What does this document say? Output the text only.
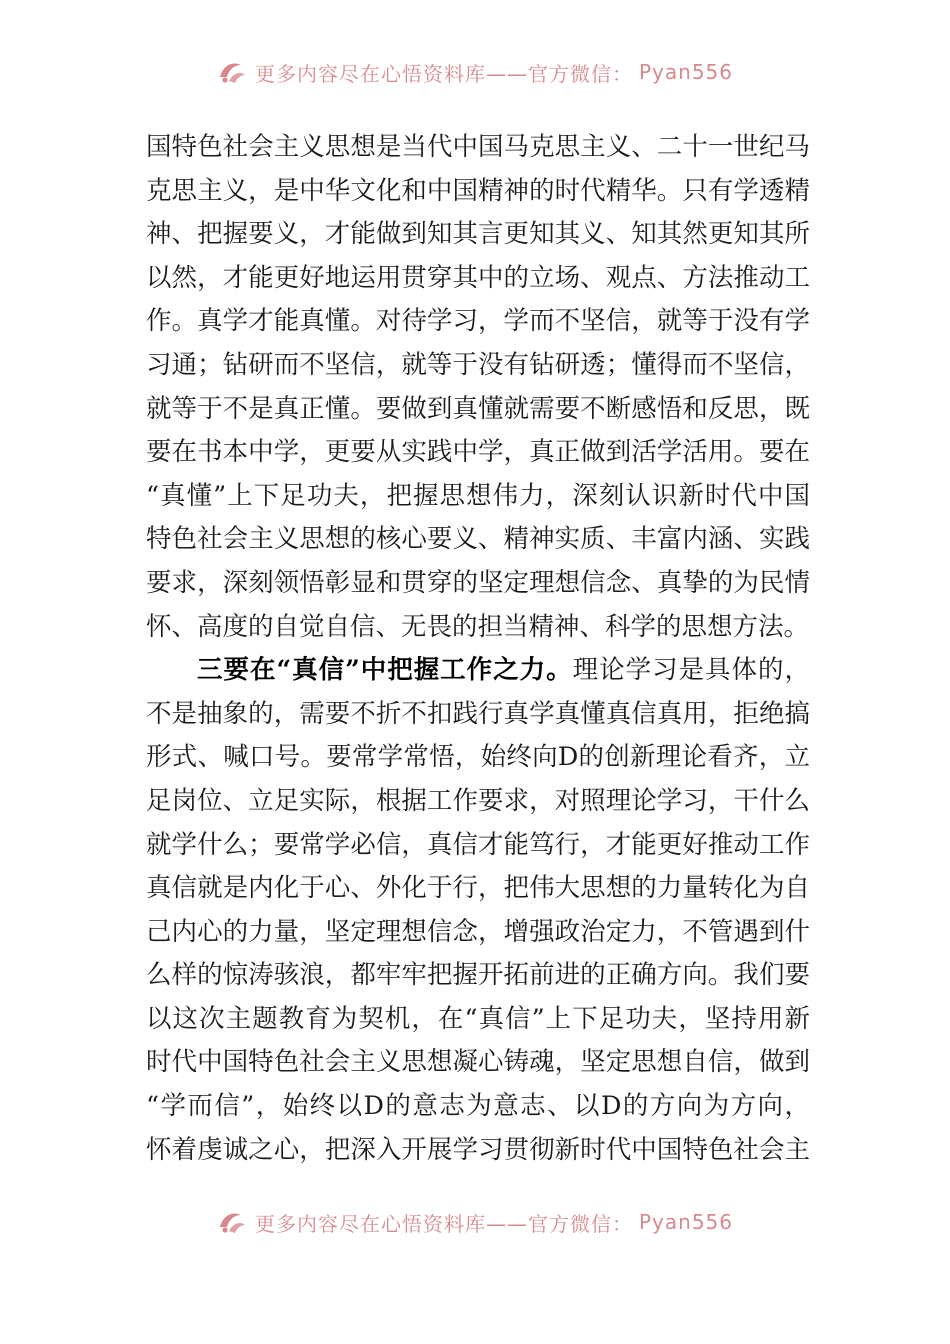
更多内容尽在心悟资料库——官方微信： Pyan556
国特色社会主义思想是当代中国马克思主义、二十一世纪马
克思主义，是中华文化和中国精神的时代精华。只有学透精
神、把握要义，才能做到知其言更知其义、知其然更知其所
以然，才能更好地运用贯穿其中的立场、观点、方法推动工
作。真学才能真懂。对待学习，学而不坚信，就等于没有学
习通；钻研而不坚信，就等于没有钻研透；懂得而不坚信，
就等于不是真正懂。要做到真懂就需要不断感悟和反思，既
要在书本中学，更要从实践中学，真正做到活学活用。要在
“真懂”上下足功夫，把握思想伟力，深刻认识新时代中国
特色社会主义思想的核心要义、精神实质、丰富内涵、实践
要求，深刻领悟彰显和贯穿的坚定理想信念、真挚的为民情
怀、高度的自觉自信、无畏的担当精神、科学的思想方法。
三要在“真信”中把握工作之力。理论学习是具体的，
不是抽象的，需要不折不扣践行真学真懂真信真用，拒绝搞
形式、喊口号。要常学常悟，始终向D的创新理论看齐，立
足岗位、立足实际，根据工作要求，对照理论学习，干什么
就学什么；要常学必信，真信才能笃行，才能更好推动工作
真信就是内化于心、外化于行，把伟大思想的力量转化为自
己内心的力量，坚定理想信念，增强政治定力，不管遇到什
么样的惊涛骇浪，都牢牢把握开拓前进的正确方向。我们要
以这次主题教育为契机，在“真信”上下足功夫，坚持用新
时代中国特色社会主义思想凝心铸魂，坚定思想自信，做到
“学而信”，始终以D的意志为意志、以D的方向为方向，
怀着虔诚之心，把深入开展学习贯彻新时代中国特色社会主
更多内容尽在心悟资料库——官方微信： Pyan556
